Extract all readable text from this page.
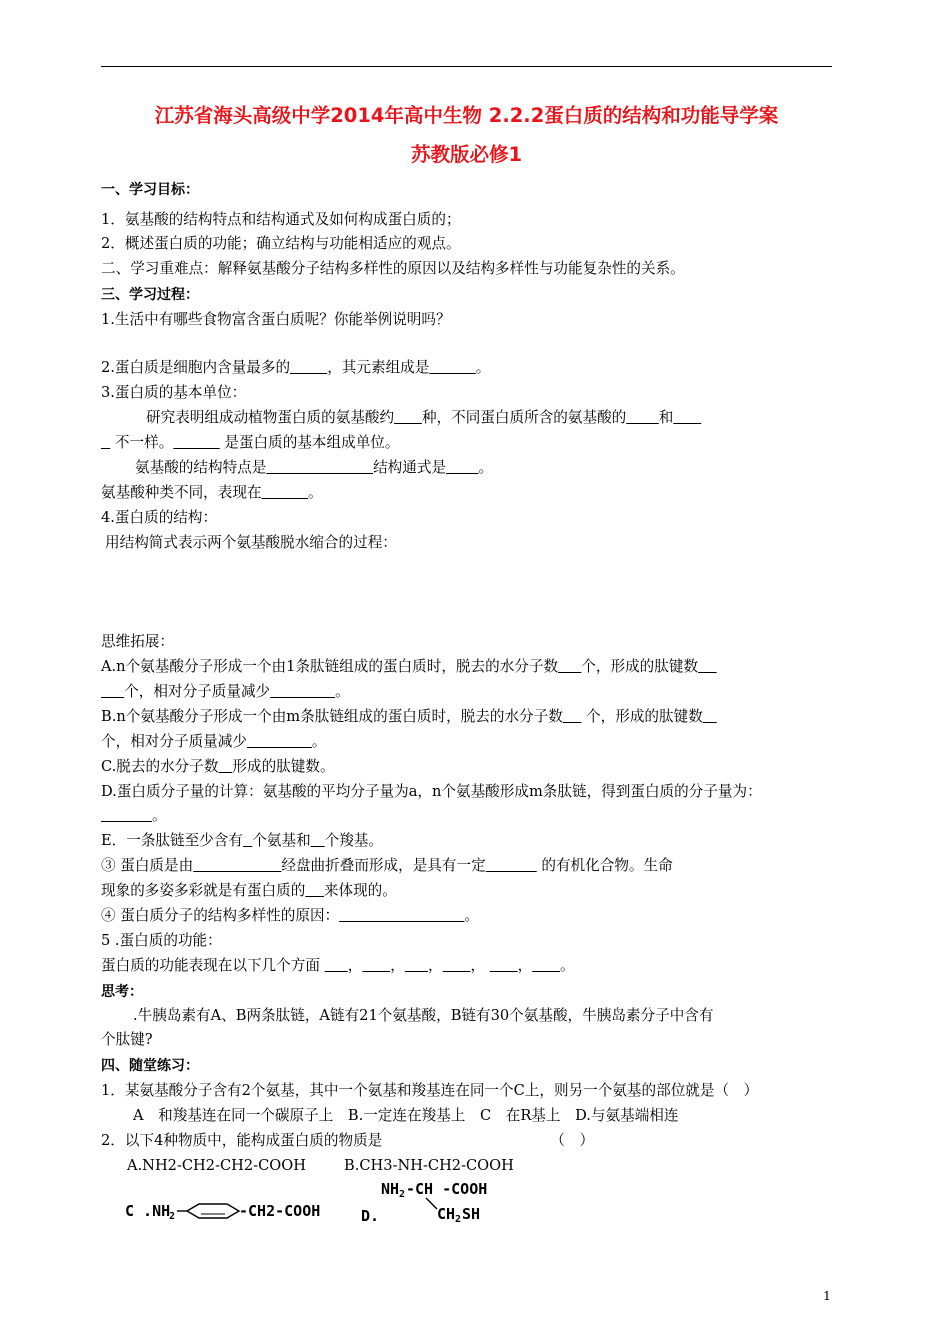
江苏省海头高级中学2014年高中生物 2.2.2蛋白质的结构和功能导学案
苏教版必修1
一、学习目标：
1．氨基酸的结构特点和结构通式及如何构成蛋白质的；
2．概述蛋白质的功能；确立结构与功能相适应的观点。
二、学习重难点：解释氨基酸分子结构多样性的原因以及结构多样性与功能复杂性的关系。
三、学习过程：
1.生活中有哪些食物富含蛋白质呢？你能举例说明吗？
2.蛋白质是细胞内含量最多的	，其元素组成是	。
3.蛋白质的基本单位：
研究表明组成动植物蛋白质的氨基酸约 种，不同蛋白质所含的氨基酸的 和
不一样。	是蛋白质的基本组成单位。
氨基酸的结构特点是	结构通式是 。
氨基酸种类不同，表现在	。
4.蛋白质的结构：
用结构简式表示两个氨基酸脱水缩合的过程：
思维拓展：
A.n个氨基酸分子形成一个由1条肽链组成的蛋白质时，脱去的水分子数 个，形成的肽键数
个，相对分子质量减少	。
B.n个氨基酸分子形成一个由m条肽链组成的蛋白质时，脱去的水分子数 个，形成的肽键数
个，相对分子质量减少	。
C.脱去的水分子数 形成的肽键数。
D.蛋白质分子量的计算：氨基酸的平均分子量为a，n个氨基酸形成m条肽链，得到蛋白质的分子量为：
。
E．一条肽链至少含有 个氨基和 个羧基。
③ 蛋白质是由	经盘曲折叠而形成，是具有一定	的有机化合物。生命
现象的多姿多彩就是有蛋白质的 来体现的。
④ 蛋白质分子的结构多样性的原因：	。
5 .蛋白质的功能：
蛋白质的功能表现在以下几个方面 ， ， ， ， ， 。
思考：
.牛胰岛素有A、B两条肽链，A链有21个氨基酸，B链有30个氨基酸，牛胰岛素分子中含有
个肽键?
四、随堂练习：
1．某氨基酸分子含有2个氨基，其中一个氨基和羧基连在同一个C上，则另一个氨基的部位就是（　）
A　和羧基连在同一个碳原子上　B.一定连在羧基上　C　在R基上　D.与氨基端相连
2．以下4种物质中，能构成蛋白质的物质是	（　）
A.NH2-CH2-CH2-COOH	B.CH3-NH-CH2-COOH
C .NH
2	-CH2-COOH	D.
NH 2 -CH -COOH
CH 2 SH
1
